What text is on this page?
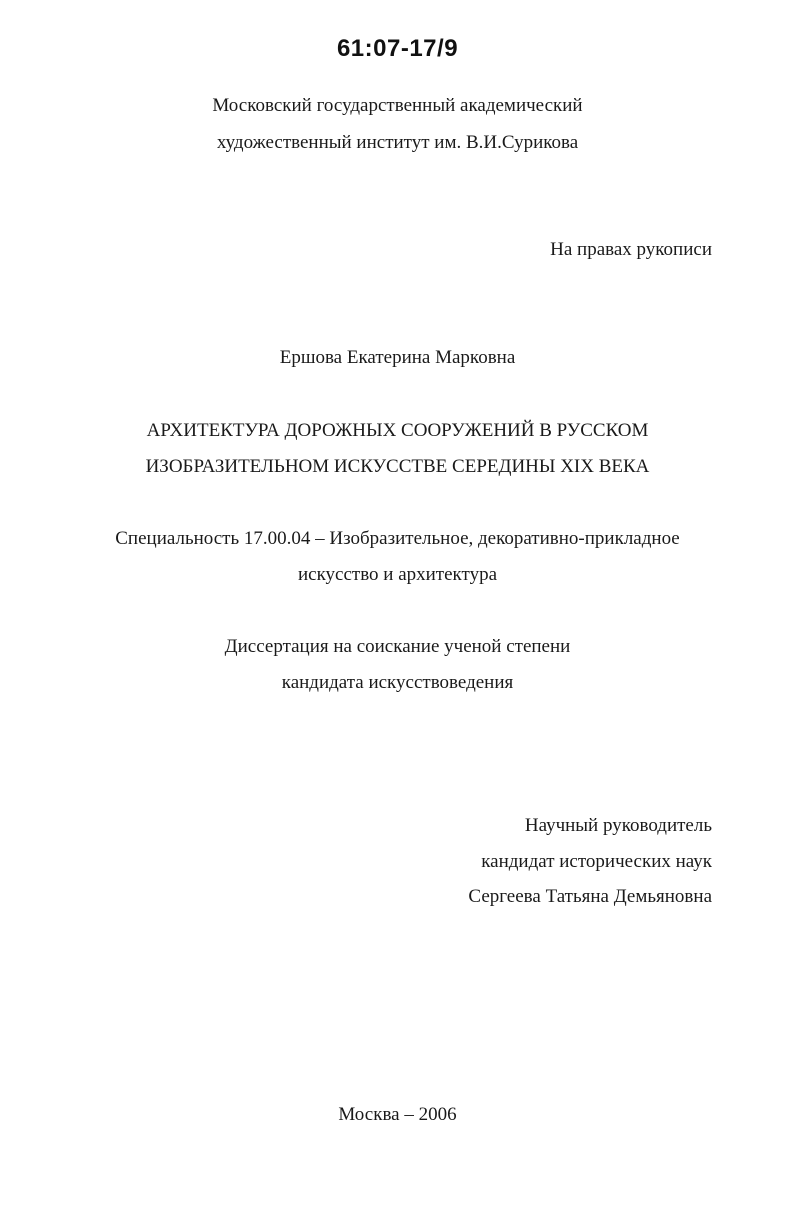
61:07-17/9

Московский государственный академический

художественный институт им. В.И.Сурикова

На правах рукописи

Ершова Екатерина Марковна

АРХИТЕКТУРА ДОРОЖНЫХ СООРУЖЕНИЙ В РУССКОМ

ИЗОБРАЗИТЕЛЬНОМ ИСКУССТВЕ СЕРЕДИНЫ XIX ВЕКА

Специальность 17.00.04 – Изобразительное, декоративно-прикладное

искусство и архитектура

Диссертация на соискание ученой степени

кандидата искусствоведения

Научный руководитель

кандидат исторических наук

Сергеева Татьяна Демьяновна

Москва – 2006
